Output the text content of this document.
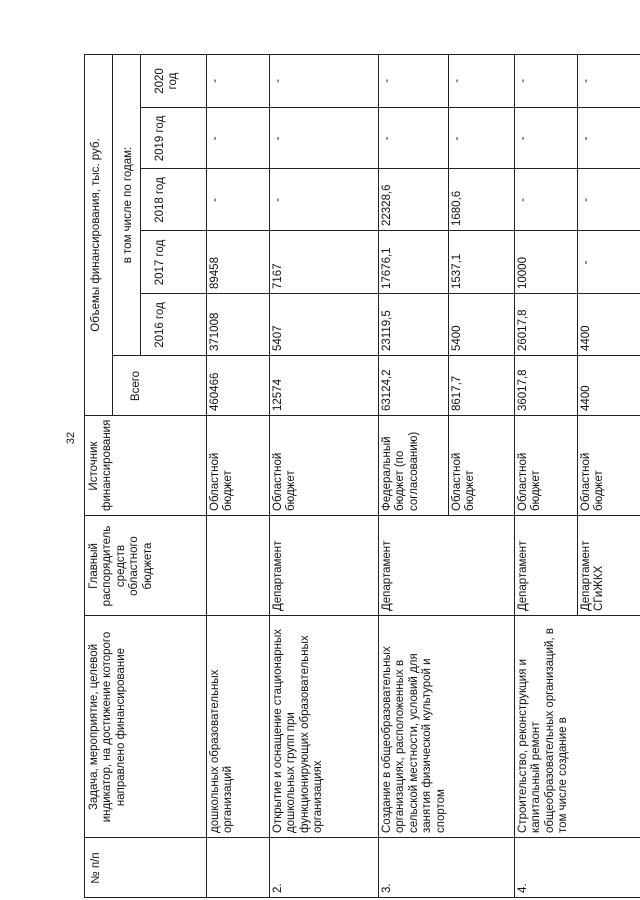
32
№ п/п
Задача, мероприятие, целевой индикатор, на достижение которого направлено финансирование
Главный распорядитель средств областного бюджета
Источник финансирования
Объемы финансирования, тыс. руб.
Всего
в том числе по годам:
2016 год
2017 год
2018 год
2019 год
2020 год
дошкольных образовательных организаций
Областной бюджет
460466
371008
89458
-
-
-
2.
Открытие и оснащение стационарных дошкольных групп при функционирующих образовательных организациях
Департамент
Областной бюджет
12574
5407
7167
-
-
-
3.
Создание в общеобразовательных организациях, расположенных в сельской местности, условий для занятия физической культурой и спортом
Департамент
Федеральный бюджет (по согласованию)
63124,2
23119,5
17676,1
22328,6
-
-
Областной бюджет
8617,7
5400
1537,1
1680,6
-
-
4.
Строительство, реконструкция и капитальный ремонт общеобразовательных организаций, в том числе создание в
Департамент
Областной бюджет
36017,8
26017,8
10000
-
-
-
Департамент СГиЖКХ
Областной бюджет
4400
4400
-
-
-
-
